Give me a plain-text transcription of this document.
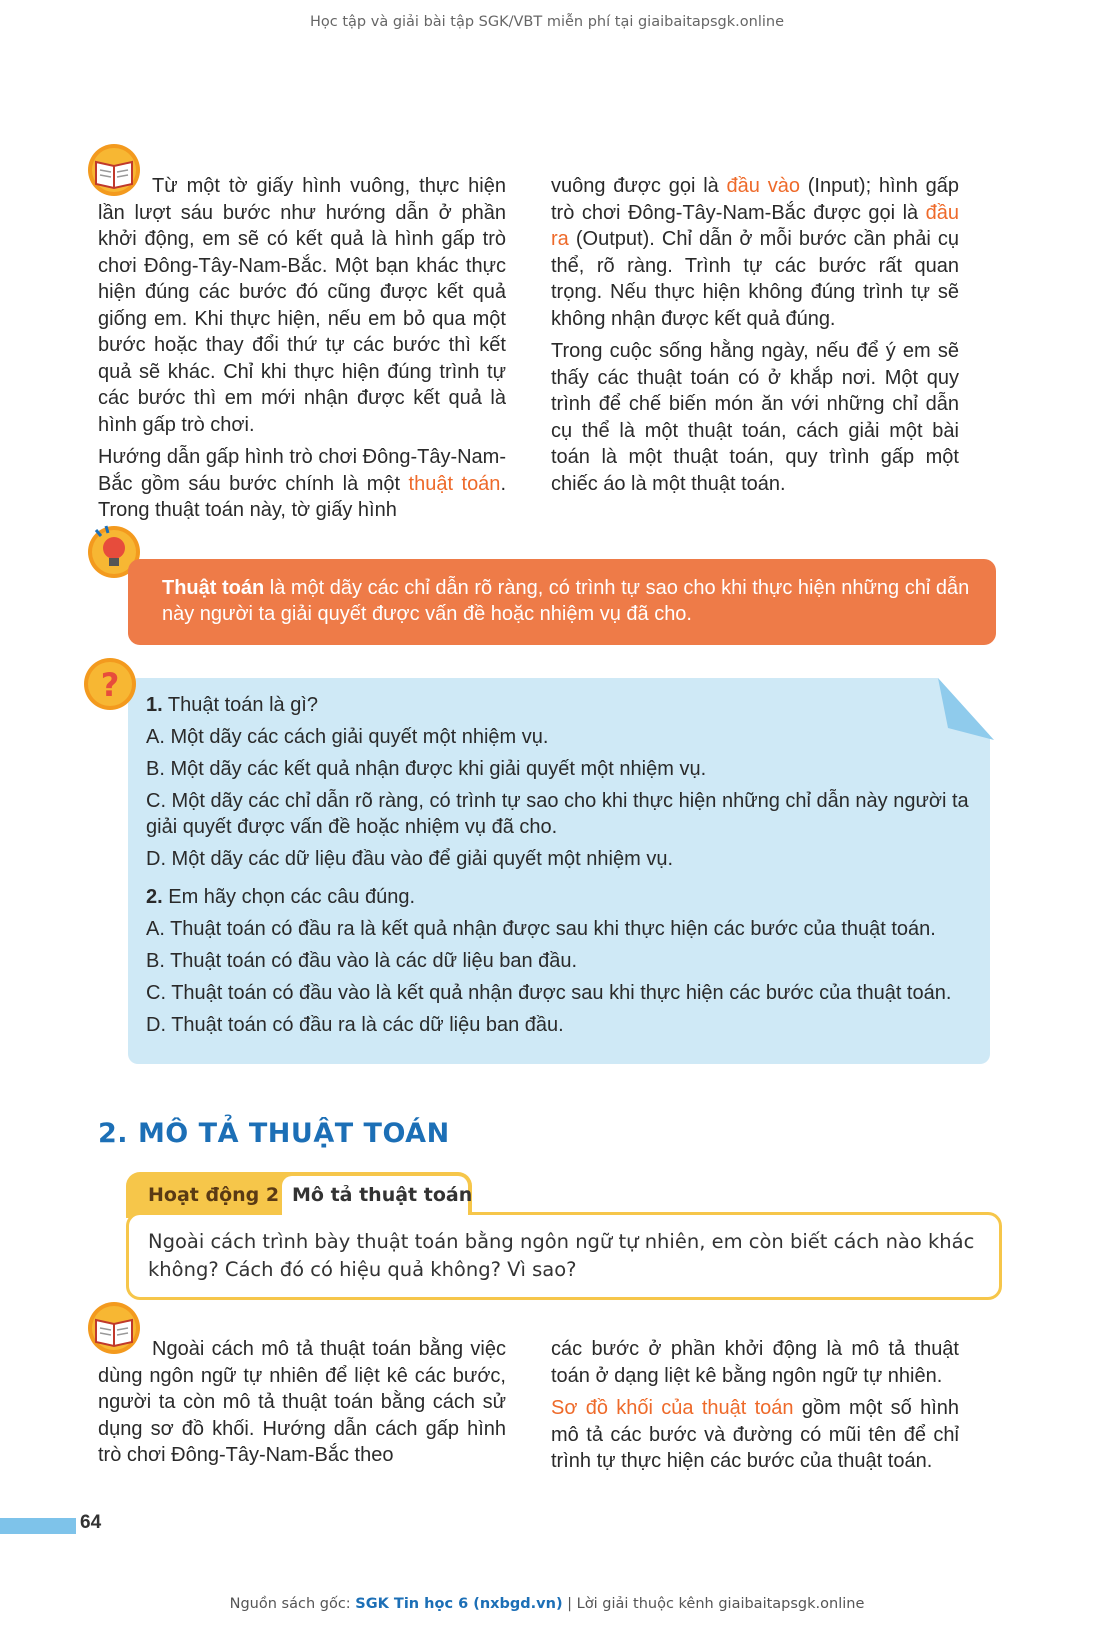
Học tập và giải bài tập SGK/VBT miễn phí tại giaibaitapsgk.online

Từ một tờ giấy hình vuông, thực hiện lần lượt sáu bước như hướng dẫn ở phần khởi động, em sẽ có kết quả là hình gấp trò chơi Đông-Tây-Nam-Bắc. Một bạn khác thực hiện đúng các bước đó cũng được kết quả giống em. Khi thực hiện, nếu em bỏ qua một bước hoặc thay đổi thứ tự các bước thì kết quả sẽ khác. Chỉ khi thực hiện đúng trình tự các bước thì em mới nhận được kết quả là hình gấp trò chơi.

Hướng dẫn gấp hình trò chơi Đông-Tây-Nam-Bắc gồm sáu bước chính là một thuật toán. Trong thuật toán này, tờ giấy hình

vuông được gọi là đầu vào (Input); hình gấp trò chơi Đông-Tây-Nam-Bắc được gọi là đầu ra (Output). Chỉ dẫn ở mỗi bước cần phải cụ thể, rõ ràng. Trình tự các bước rất quan trọng. Nếu thực hiện không đúng trình tự sẽ không nhận được kết quả đúng.

Trong cuộc sống hằng ngày, nếu để ý em sẽ thấy các thuật toán có ở khắp nơi. Một quy trình để chế biến món ăn với những chỉ dẫn cụ thể là một thuật toán, cách giải một bài toán là một thuật toán, quy trình gấp một chiếc áo là một thuật toán.

Thuật toán là một dãy các chỉ dẫn rõ ràng, có trình tự sao cho khi thực hiện những chỉ dẫn này người ta giải quyết được vấn đề hoặc nhiệm vụ đã cho.
?
1. Thuật toán là gì?
A. Một dãy các cách giải quyết một nhiệm vụ.
B. Một dãy các kết quả nhận được khi giải quyết một nhiệm vụ.
C. Một dãy các chỉ dẫn rõ ràng, có trình tự sao cho khi thực hiện những chỉ dẫn này người ta giải quyết được vấn đề hoặc nhiệm vụ đã cho.
D. Một dãy các dữ liệu đầu vào để giải quyết một nhiệm vụ.
2. Em hãy chọn các câu đúng.
A. Thuật toán có đầu ra là kết quả nhận được sau khi thực hiện các bước của thuật toán.
B. Thuật toán có đầu vào là các dữ liệu ban đầu.
C. Thuật toán có đầu vào là kết quả nhận được sau khi thực hiện các bước của thuật toán.
D. Thuật toán có đầu ra là các dữ liệu ban đầu.
2. MÔ TẢ THUẬT TOÁN
Hoạt động 2 Mô tả thuật toán
Ngoài cách trình bày thuật toán bằng ngôn ngữ tự nhiên, em còn biết cách nào khác không? Cách đó có hiệu quả không? Vì sao?

Ngoài cách mô tả thuật toán bằng việc dùng ngôn ngữ tự nhiên để liệt kê các bước, người ta còn mô tả thuật toán bằng cách sử dụng sơ đồ khối. Hướng dẫn cách gấp hình trò chơi Đông-Tây-Nam-Bắc theo

các bước ở phần khởi động là mô tả thuật toán ở dạng liệt kê bằng ngôn ngữ tự nhiên.

Sơ đồ khối của thuật toán gồm một số hình mô tả các bước và đường có mũi tên để chỉ trình tự thực hiện các bước của thuật toán.

64
Nguồn sách gốc: SGK Tin học 6 (nxbgd.vn) | Lời giải thuộc kênh giaibaitapsgk.online
